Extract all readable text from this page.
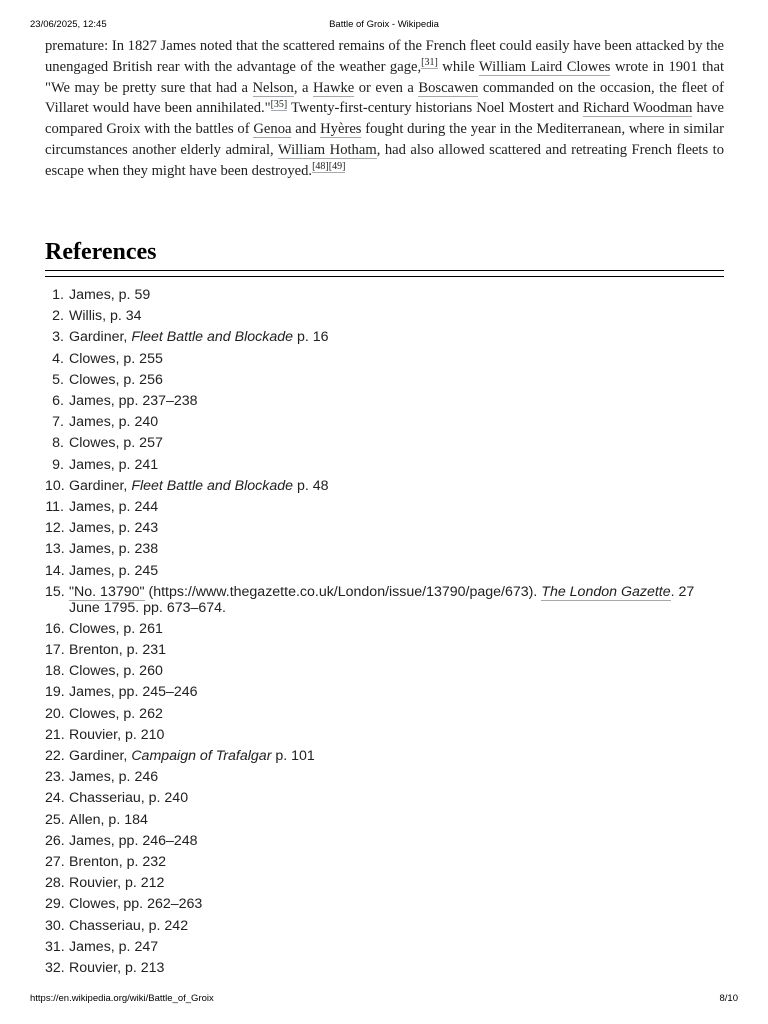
23/06/2025, 12:45	Battle of Groix - Wikipedia

premature: In 1827 James noted that the scattered remains of the French fleet could easily have been attacked by the unengaged British rear with the advantage of the weather gage,[31] while William Laird Clowes wrote in 1901 that "We may be pretty sure that had a Nelson, a Hawke or even a Boscawen commanded on the occasion, the fleet of Villaret would have been annihilated."[35] Twenty-first-century historians Noel Mostert and Richard Woodman have compared Groix with the battles of Genoa and Hyères fought during the year in the Mediterranean, where in similar circumstances another elderly admiral, William Hotham, had also allowed scattered and retreating French fleets to escape when they might have been destroyed.[48][49]

References
1. James, p. 59
2. Willis, p. 34
3. Gardiner, Fleet Battle and Blockade p. 16
4. Clowes, p. 255
5. Clowes, p. 256
6. James, pp. 237–238
7. James, p. 240
8. Clowes, p. 257
9. James, p. 241
10. Gardiner, Fleet Battle and Blockade p. 48
11. James, p. 244
12. James, p. 243
13. James, p. 238
14. James, p. 245
15. "No. 13790" (https://www.thegazette.co.uk/London/issue/13790/page/673). The London Gazette. 27 June 1795. pp. 673–674.
16. Clowes, p. 261
17. Brenton, p. 231
18. Clowes, p. 260
19. James, pp. 245–246
20. Clowes, p. 262
21. Rouvier, p. 210
22. Gardiner, Campaign of Trafalgar p. 101
23. James, p. 246
24. Chasseriau, p. 240
25. Allen, p. 184
26. James, pp. 246–248
27. Brenton, p. 232
28. Rouvier, p. 212
29. Clowes, pp. 262–263
30. Chasseriau, p. 242
31. James, p. 247
32. Rouvier, p. 213
https://en.wikipedia.org/wiki/Battle_of_Groix	8/10
